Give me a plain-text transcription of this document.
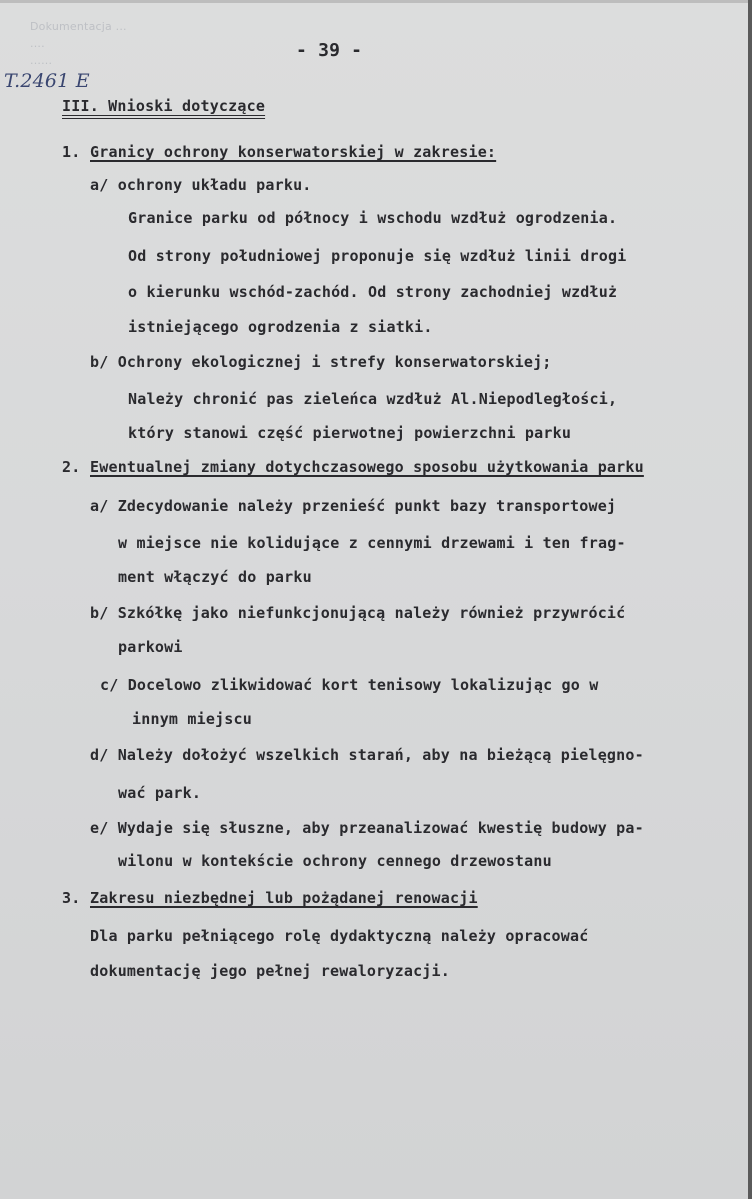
Dokumentacja ...
....
......	- 39 -
T.2461 E
III. Wnioski dotyczące
1. Granicy ochrony konserwatorskiej w zakresie:
a/ ochrony układu parku.
Granice parku od północy i wschodu wzdłuż ogrodzenia.
Od strony południowej proponuje się wzdłuż linii drogi
o kierunku wschód-zachód. Od strony zachodniej wzdłuż
istniejącego ogrodzenia z siatki.
b/ Ochrony ekologicznej i strefy konserwatorskiej;
Należy chronić pas zieleńca wzdłuż Al.Niepodległości,
który stanowi część pierwotnej powierzchni parku
2. Ewentualnej zmiany dotychczasowego sposobu użytkowania parku
a/ Zdecydowanie należy przenieść punkt bazy transportowej
w miejsce nie kolidujące z cennymi drzewami i ten frag-
ment włączyć do parku
b/ Szkółkę jako niefunkcjonującą należy również przywrócić
parkowi
c/ Docelowo zlikwidować kort tenisowy lokalizując go w
innym miejscu
d/ Należy dołożyć wszelkich starań, aby na bieżącą pielęgno-
wać park.
e/ Wydaje się słuszne, aby przeanalizować kwestię budowy pa-
wilonu w kontekście ochrony cennego drzewostanu
3. Zakresu niezbędnej lub pożądanej renowacji
Dla parku pełniącego rolę dydaktyczną należy opracować
dokumentację jego pełnej rewaloryzacji.
